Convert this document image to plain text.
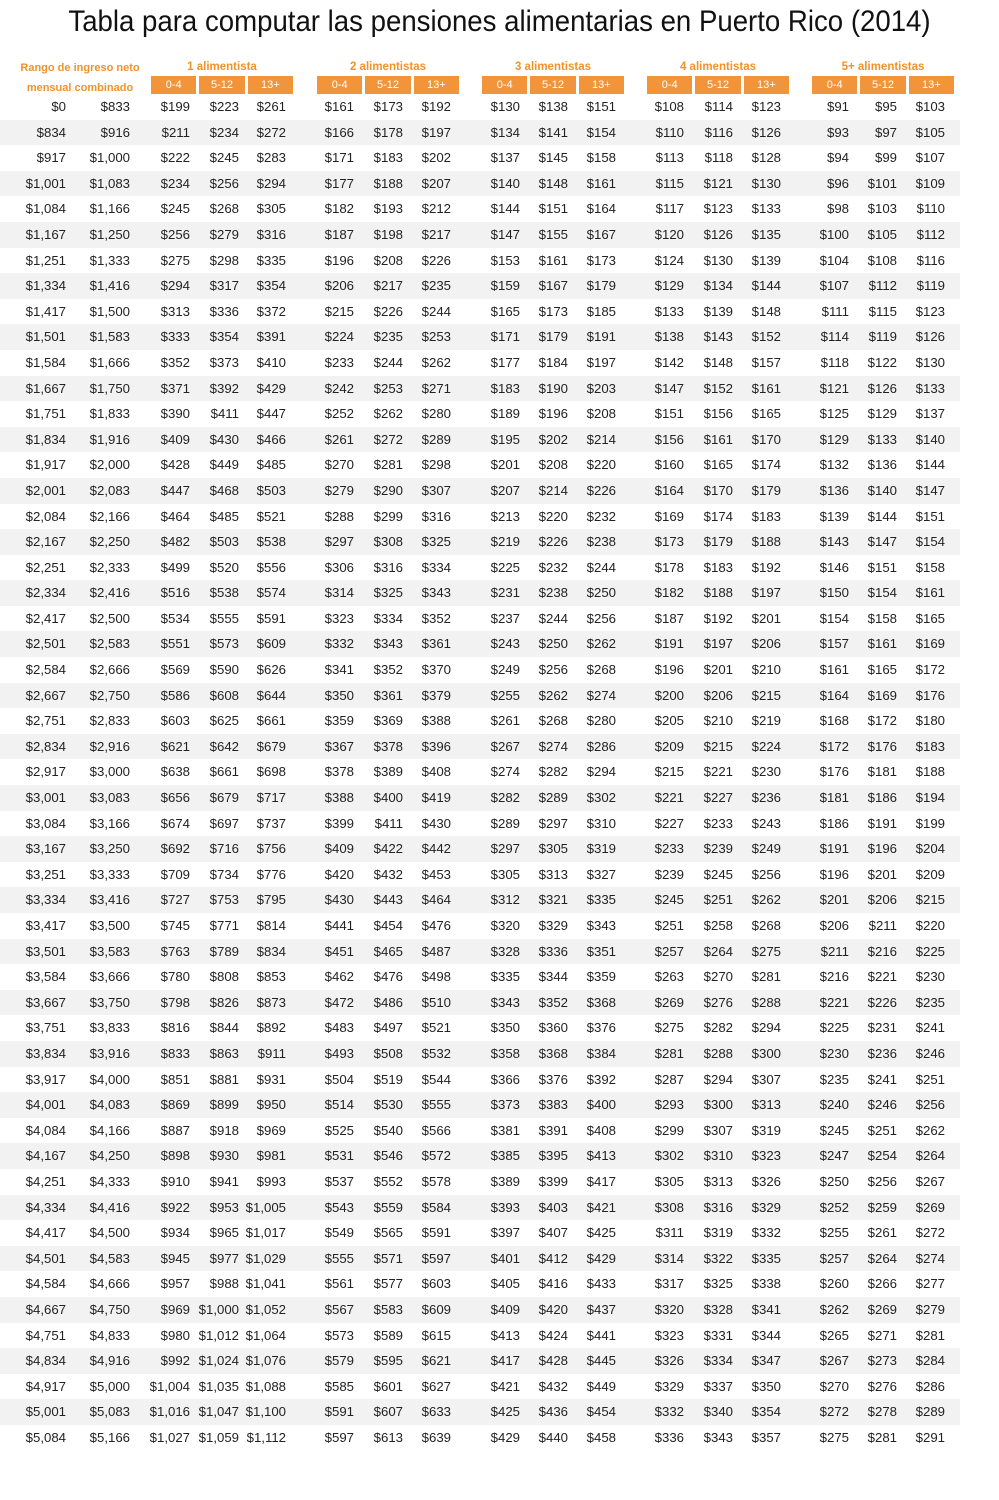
Tabla para computar las pensiones alimentarias en Puerto Rico (2014)
Rango de ingreso neto
mensual combinado
1 alimentista
0-4	5-12	13+
2 alimentistas
0-4	5-12	13+
3 alimentistas
0-4	5-12	13+
4 alimentistas
0-4	5-12	13+
5+ alimentistas
0-4	5-12	13+
$0	$833 $199 $223 $261	$161 $173 $192	$130 $138 $151	$108 $114 $123	$91 $95 $103
$834	$916 $211 $234 $272	$166 $178 $197	$134 $141 $154	$110 $116 $126	$93 $97 $105
$917 $1,000 $222 $245 $283	$171 $183 $202	$137 $145 $158	$113 $118 $128	$94 $99 $107
$1,001 $1,083 $234 $256 $294	$177 $188 $207	$140 $148 $161	$115 $121 $130	$96 $101 $109
$1,084 $1,166 $245 $268 $305	$182 $193 $212	$144 $151 $164	$117 $123 $133	$98 $103 $110
$1,167 $1,250 $256 $279 $316	$187 $198 $217	$147 $155 $167	$120 $126 $135	$100 $105 $112
$1,251 $1,333 $275 $298 $335	$196 $208 $226	$153 $161 $173	$124 $130 $139	$104 $108 $116
$1,334 $1,416 $294 $317 $354	$206 $217 $235	$159 $167 $179	$129 $134 $144	$107 $112 $119
$1,417 $1,500 $313 $336 $372	$215 $226 $244	$165 $173 $185	$133 $139 $148	$111 $115 $123
$1,501 $1,583 $333 $354 $391	$224 $235 $253	$171 $179 $191	$138 $143 $152	$114 $119 $126
$1,584 $1,666 $352 $373 $410	$233 $244 $262	$177 $184 $197	$142 $148 $157	$118 $122 $130
$1,667 $1,750 $371 $392 $429	$242 $253 $271	$183 $190 $203	$147 $152 $161	$121 $126 $133
$1,751 $1,833 $390 $411 $447	$252 $262 $280	$189 $196 $208	$151 $156 $165	$125 $129 $137
$1,834 $1,916 $409 $430 $466	$261 $272 $289	$195 $202 $214	$156 $161 $170	$129 $133 $140
$1,917 $2,000 $428 $449 $485	$270 $281 $298	$201 $208 $220	$160 $165 $174	$132 $136 $144
$2,001 $2,083 $447 $468 $503	$279 $290 $307	$207 $214 $226	$164 $170 $179	$136 $140 $147
$2,084 $2,166 $464 $485 $521	$288 $299 $316	$213 $220 $232	$169 $174 $183	$139 $144 $151
$2,167 $2,250 $482 $503 $538	$297 $308 $325	$219 $226 $238	$173 $179 $188	$143 $147 $154
$2,251 $2,333 $499 $520 $556	$306 $316 $334	$225 $232 $244	$178 $183 $192	$146 $151 $158
$2,334 $2,416 $516 $538 $574	$314 $325 $343	$231 $238 $250	$182 $188 $197	$150 $154 $161
$2,417 $2,500 $534 $555 $591	$323 $334 $352	$237 $244 $256	$187 $192 $201	$154 $158 $165
$2,501 $2,583 $551 $573 $609	$332 $343 $361	$243 $250 $262	$191 $197 $206	$157 $161 $169
$2,584 $2,666 $569 $590 $626	$341 $352 $370	$249 $256 $268	$196 $201 $210	$161 $165 $172
$2,667 $2,750 $586 $608 $644	$350 $361 $379	$255 $262 $274	$200 $206 $215	$164 $169 $176
$2,751 $2,833 $603 $625 $661	$359 $369 $388	$261 $268 $280	$205 $210 $219	$168 $172 $180
$2,834 $2,916 $621 $642 $679	$367 $378 $396	$267 $274 $286	$209 $215 $224	$172 $176 $183
$2,917 $3,000 $638 $661 $698	$378 $389 $408	$274 $282 $294	$215 $221 $230	$176 $181 $188
$3,001 $3,083 $656 $679 $717	$388 $400 $419	$282 $289 $302	$221 $227 $236	$181 $186 $194
$3,084 $3,166 $674 $697 $737	$399 $411 $430	$289 $297 $310	$227 $233 $243	$186 $191 $199
$3,167 $3,250 $692 $716 $756	$409 $422 $442	$297 $305 $319	$233 $239 $249	$191 $196 $204
$3,251 $3,333 $709 $734 $776	$420 $432 $453	$305 $313 $327	$239 $245 $256	$196 $201 $209
$3,334 $3,416 $727 $753 $795	$430 $443 $464	$312 $321 $335	$245 $251 $262	$201 $206 $215
$3,417 $3,500 $745 $771 $814	$441 $454 $476	$320 $329 $343	$251 $258 $268	$206 $211 $220
$3,501 $3,583 $763 $789 $834	$451 $465 $487	$328 $336 $351	$257 $264 $275	$211 $216 $225
$3,584 $3,666 $780 $808 $853	$462 $476 $498	$335 $344 $359	$263 $270 $281	$216 $221 $230
$3,667 $3,750 $798 $826 $873	$472 $486 $510	$343 $352 $368	$269 $276 $288	$221 $226 $235
$3,751 $3,833 $816 $844 $892	$483 $497 $521	$350 $360 $376	$275 $282 $294	$225 $231 $241
$3,834 $3,916 $833 $863 $911	$493 $508 $532	$358 $368 $384	$281 $288 $300	$230 $236 $246
$3,917 $4,000 $851 $881 $931	$504 $519 $544	$366 $376 $392	$287 $294 $307	$235 $241 $251
$4,001 $4,083 $869 $899 $950	$514 $530 $555	$373 $383 $400	$293 $300 $313	$240 $246 $256
$4,084 $4,166 $887 $918 $969	$525 $540 $566	$381 $391 $408	$299 $307 $319	$245 $251 $262
$4,167 $4,250 $898 $930 $981	$531 $546 $572	$385 $395 $413	$302 $310 $323	$247 $254 $264
$4,251 $4,333 $910 $941 $993	$537 $552 $578	$389 $399 $417	$305 $313 $326	$250 $256 $267
$4,334 $4,416 $922 $953 $1,005	$543 $559 $584	$393 $403 $421	$308 $316 $329	$252 $259 $269
$4,417 $4,500 $934 $965 $1,017	$549 $565 $591	$397 $407 $425	$311 $319 $332	$255 $261 $272
$4,501 $4,583 $945 $977 $1,029	$555 $571 $597	$401 $412 $429	$314 $322 $335	$257 $264 $274
$4,584 $4,666 $957 $988 $1,041	$561 $577 $603	$405 $416 $433	$317 $325 $338	$260 $266 $277
$4,667 $4,750 $969 $1,000 $1,052	$567 $583 $609	$409 $420 $437	$320 $328 $341	$262 $269 $279
$4,751 $4,833 $980 $1,012 $1,064	$573 $589 $615	$413 $424 $441	$323 $331 $344	$265 $271 $281
$4,834 $4,916 $992 $1,024 $1,076	$579 $595 $621	$417 $428 $445	$326 $334 $347	$267 $273 $284
$4,917 $5,000 $1,004 $1,035 $1,088	$585 $601 $627	$421 $432 $449	$329 $337 $350	$270 $276 $286
$5,001 $5,083 $1,016 $1,047 $1,100	$591 $607 $633	$425 $436 $454	$332 $340 $354	$272 $278 $289
$5,084 $5,166 $1,027 $1,059 $1,112	$597 $613 $639	$429 $440 $458	$336 $343 $357	$275 $281 $291
